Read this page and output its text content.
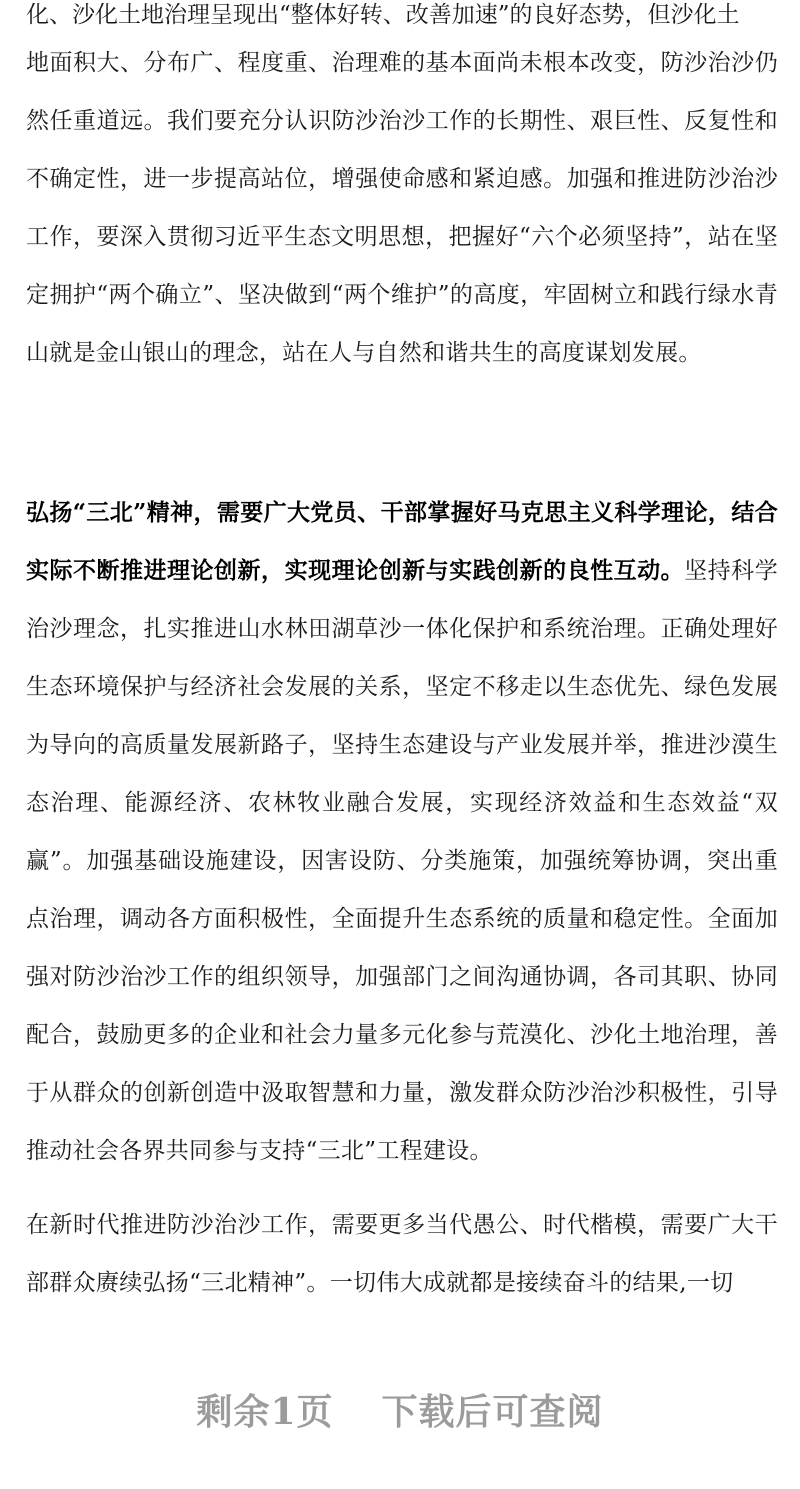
化、沙化土地治理呈现出“整体好转、改善加速”的良好态势，但沙化土

地面积大、分布广、程度重、治理难的基本面尚未根本改变，防沙治沙仍然任重道远。我们要充分认识防沙治沙工作的长期性、艰巨性、反复性和不确定性，进一步提高站位，增强使命感和紧迫感。加强和推进防沙治沙工作，要深入贯彻习近平生态文明思想，把握好“六个必须坚持”，站在坚定拥护“两个确立”、坚决做到“两个维护”的高度，牢固树立和践行绿水青山就是金山银山的理念，站在人与自然和谐共生的高度谋划发展。

弘扬“三北”精神，需要广大党员、干部掌握好马克思主义科学理论，结合实际不断推进理论创新，实现理论创新与实践创新的良性互动。坚持科学治沙理念，扎实推进山水林田湖草沙一体化保护和系统治理。正确处理好生态环境保护与经济社会发展的关系，坚定不移走以生态优先、绿色发展为导向的高质量发展新路子，坚持生态建设与产业发展并举，推进沙漠生态治理、能源经济、农林牧业融合发展，实现经济效益和生态效益“双赢”。加强基础设施建设，因害设防、分类施策，加强统筹协调，突出重点治理，调动各方面积极性，全面提升生态系统的质量和稳定性。全面加强对防沙治沙工作的组织领导，加强部门之间沟通协调，各司其职、协同配合，鼓励更多的企业和社会力量多元化参与荒漠化、沙化土地治理，善于从群众的创新创造中汲取智慧和力量，激发群众防沙治沙积极性，引导推动社会各界共同参与支持“三北”工程建设。

在新时代推进防沙治沙工作，需要更多当代愚公、时代楷模，需要广大干部群众赓续弘扬“三北精神”。一切伟大成就都是接续奋斗的结果,一切

剩余1页 下载后可查阅
